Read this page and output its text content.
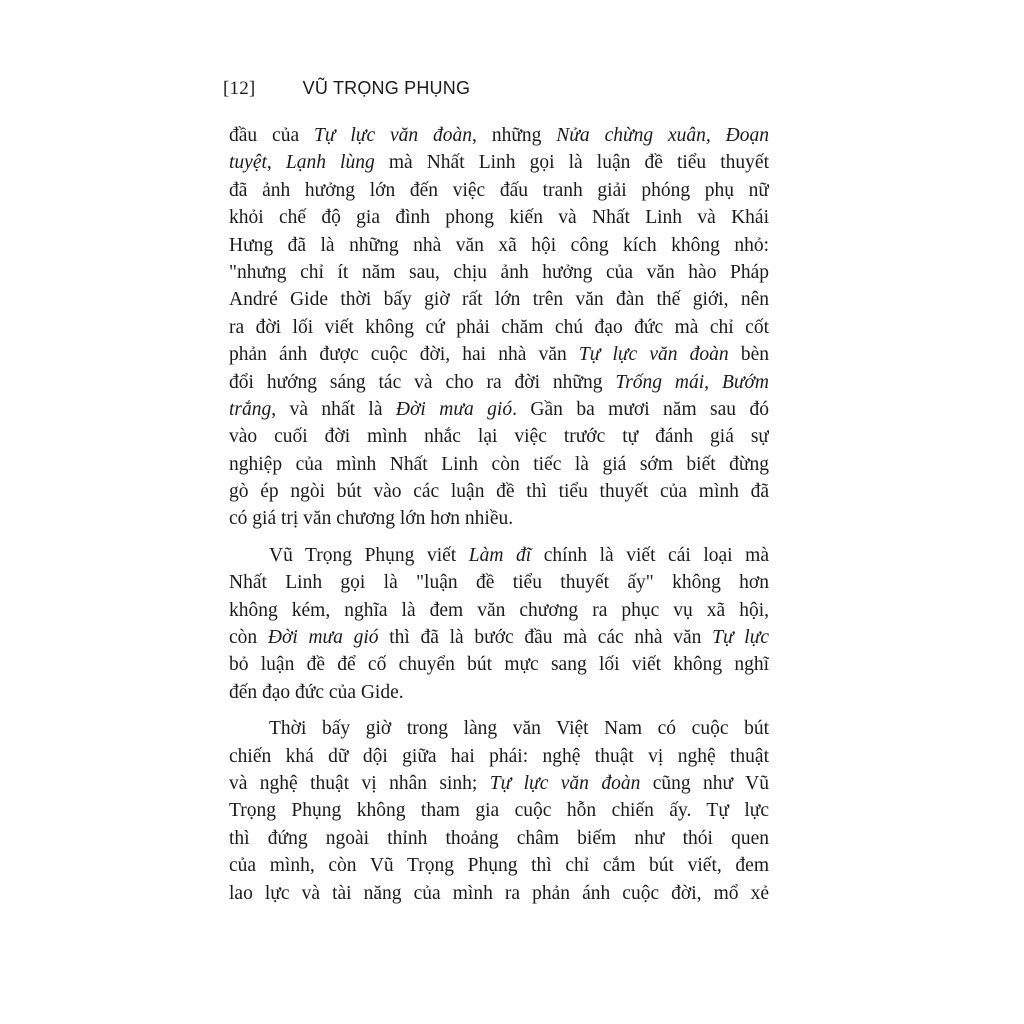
[12]	VŨ TRỌNG PHỤNG
đầu của Tự lực văn đoàn, những Nửa chừng xuân, Đoạn
tuyệt, Lạnh lùng mà Nhất Linh gọi là luận đề tiểu thuyết
đã ảnh hưởng lớn đến việc đấu tranh giải phóng phụ nữ
khỏi chế độ gia đình phong kiến và Nhất Linh và Khái
Hưng đã là những nhà văn xã hội công kích không nhỏ:
"nhưng chỉ ít năm sau, chịu ảnh hưởng của văn hào Pháp
André Gide thời bấy giờ rất lớn trên văn đàn thế giới, nên
ra đời lối viết không cứ phải chăm chú đạo đức mà chỉ cốt
phản ánh được cuộc đời, hai nhà văn Tự lực văn đoàn bèn
đổi hướng sáng tác và cho ra đời những Trống mái, Bướm
trắng, và nhất là Đời mưa gió. Gần ba mươi năm sau đó
vào cuối đời mình nhắc lại việc trước tự đánh giá sự
nghiệp của mình Nhất Linh còn tiếc là giá sớm biết đừng
gò ép ngòi bút vào các luận đề thì tiểu thuyết của mình đã
có giá trị văn chương lớn hơn nhiều.
Vũ Trọng Phụng viết Làm đĩ chính là viết cái loại mà
Nhất Linh gọi là "luận đề tiểu thuyết ấy" không hơn
không kém, nghĩa là đem văn chương ra phục vụ xã hội,
còn Đời mưa gió thì đã là bước đầu mà các nhà văn Tự lực
bỏ luận đề để cố chuyển bút mực sang lối viết không nghĩ
đến đạo đức của Gide.
Thời bấy giờ trong làng văn Việt Nam có cuộc bút
chiến khá dữ dội giữa hai phái: nghệ thuật vị nghệ thuật
và nghệ thuật vị nhân sinh; Tự lực văn đoàn cũng như Vũ
Trọng Phụng không tham gia cuộc hỗn chiến ấy. Tự lực
thì đứng ngoài thỉnh thoảng châm biếm như thói quen
của mình, còn Vũ Trọng Phụng thì chỉ cắm bút viết, đem
lao lực và tài năng của mình ra phản ánh cuộc đời, mổ xẻ
